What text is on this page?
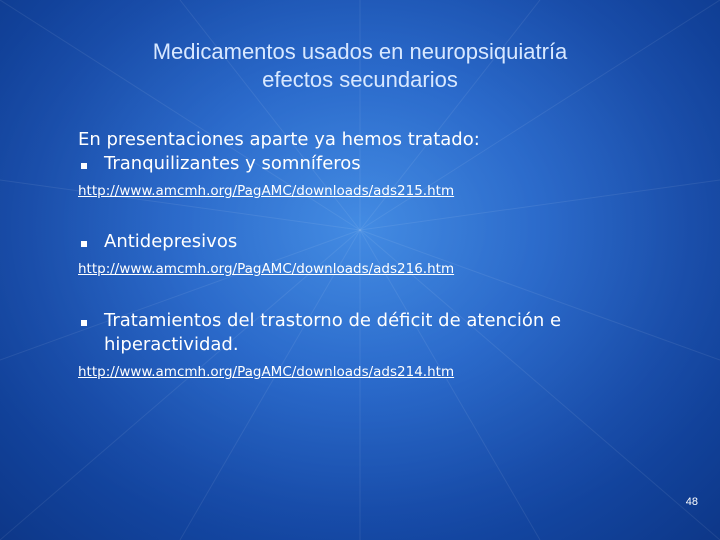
Medicamentos usados en neuropsiquiatría
efectos secundarios

En presentaciones aparte ya hemos tratado:

Tranquilizantes y somníferos
http://www.amcmh.org/PagAMC/downloads/ads215.htm
Antidepresivos
http://www.amcmh.org/PagAMC/downloads/ads216.htm
Tratamientos del trastorno de déficit de atención e hiperactividad.
http://www.amcmh.org/PagAMC/downloads/ads214.htm
48
